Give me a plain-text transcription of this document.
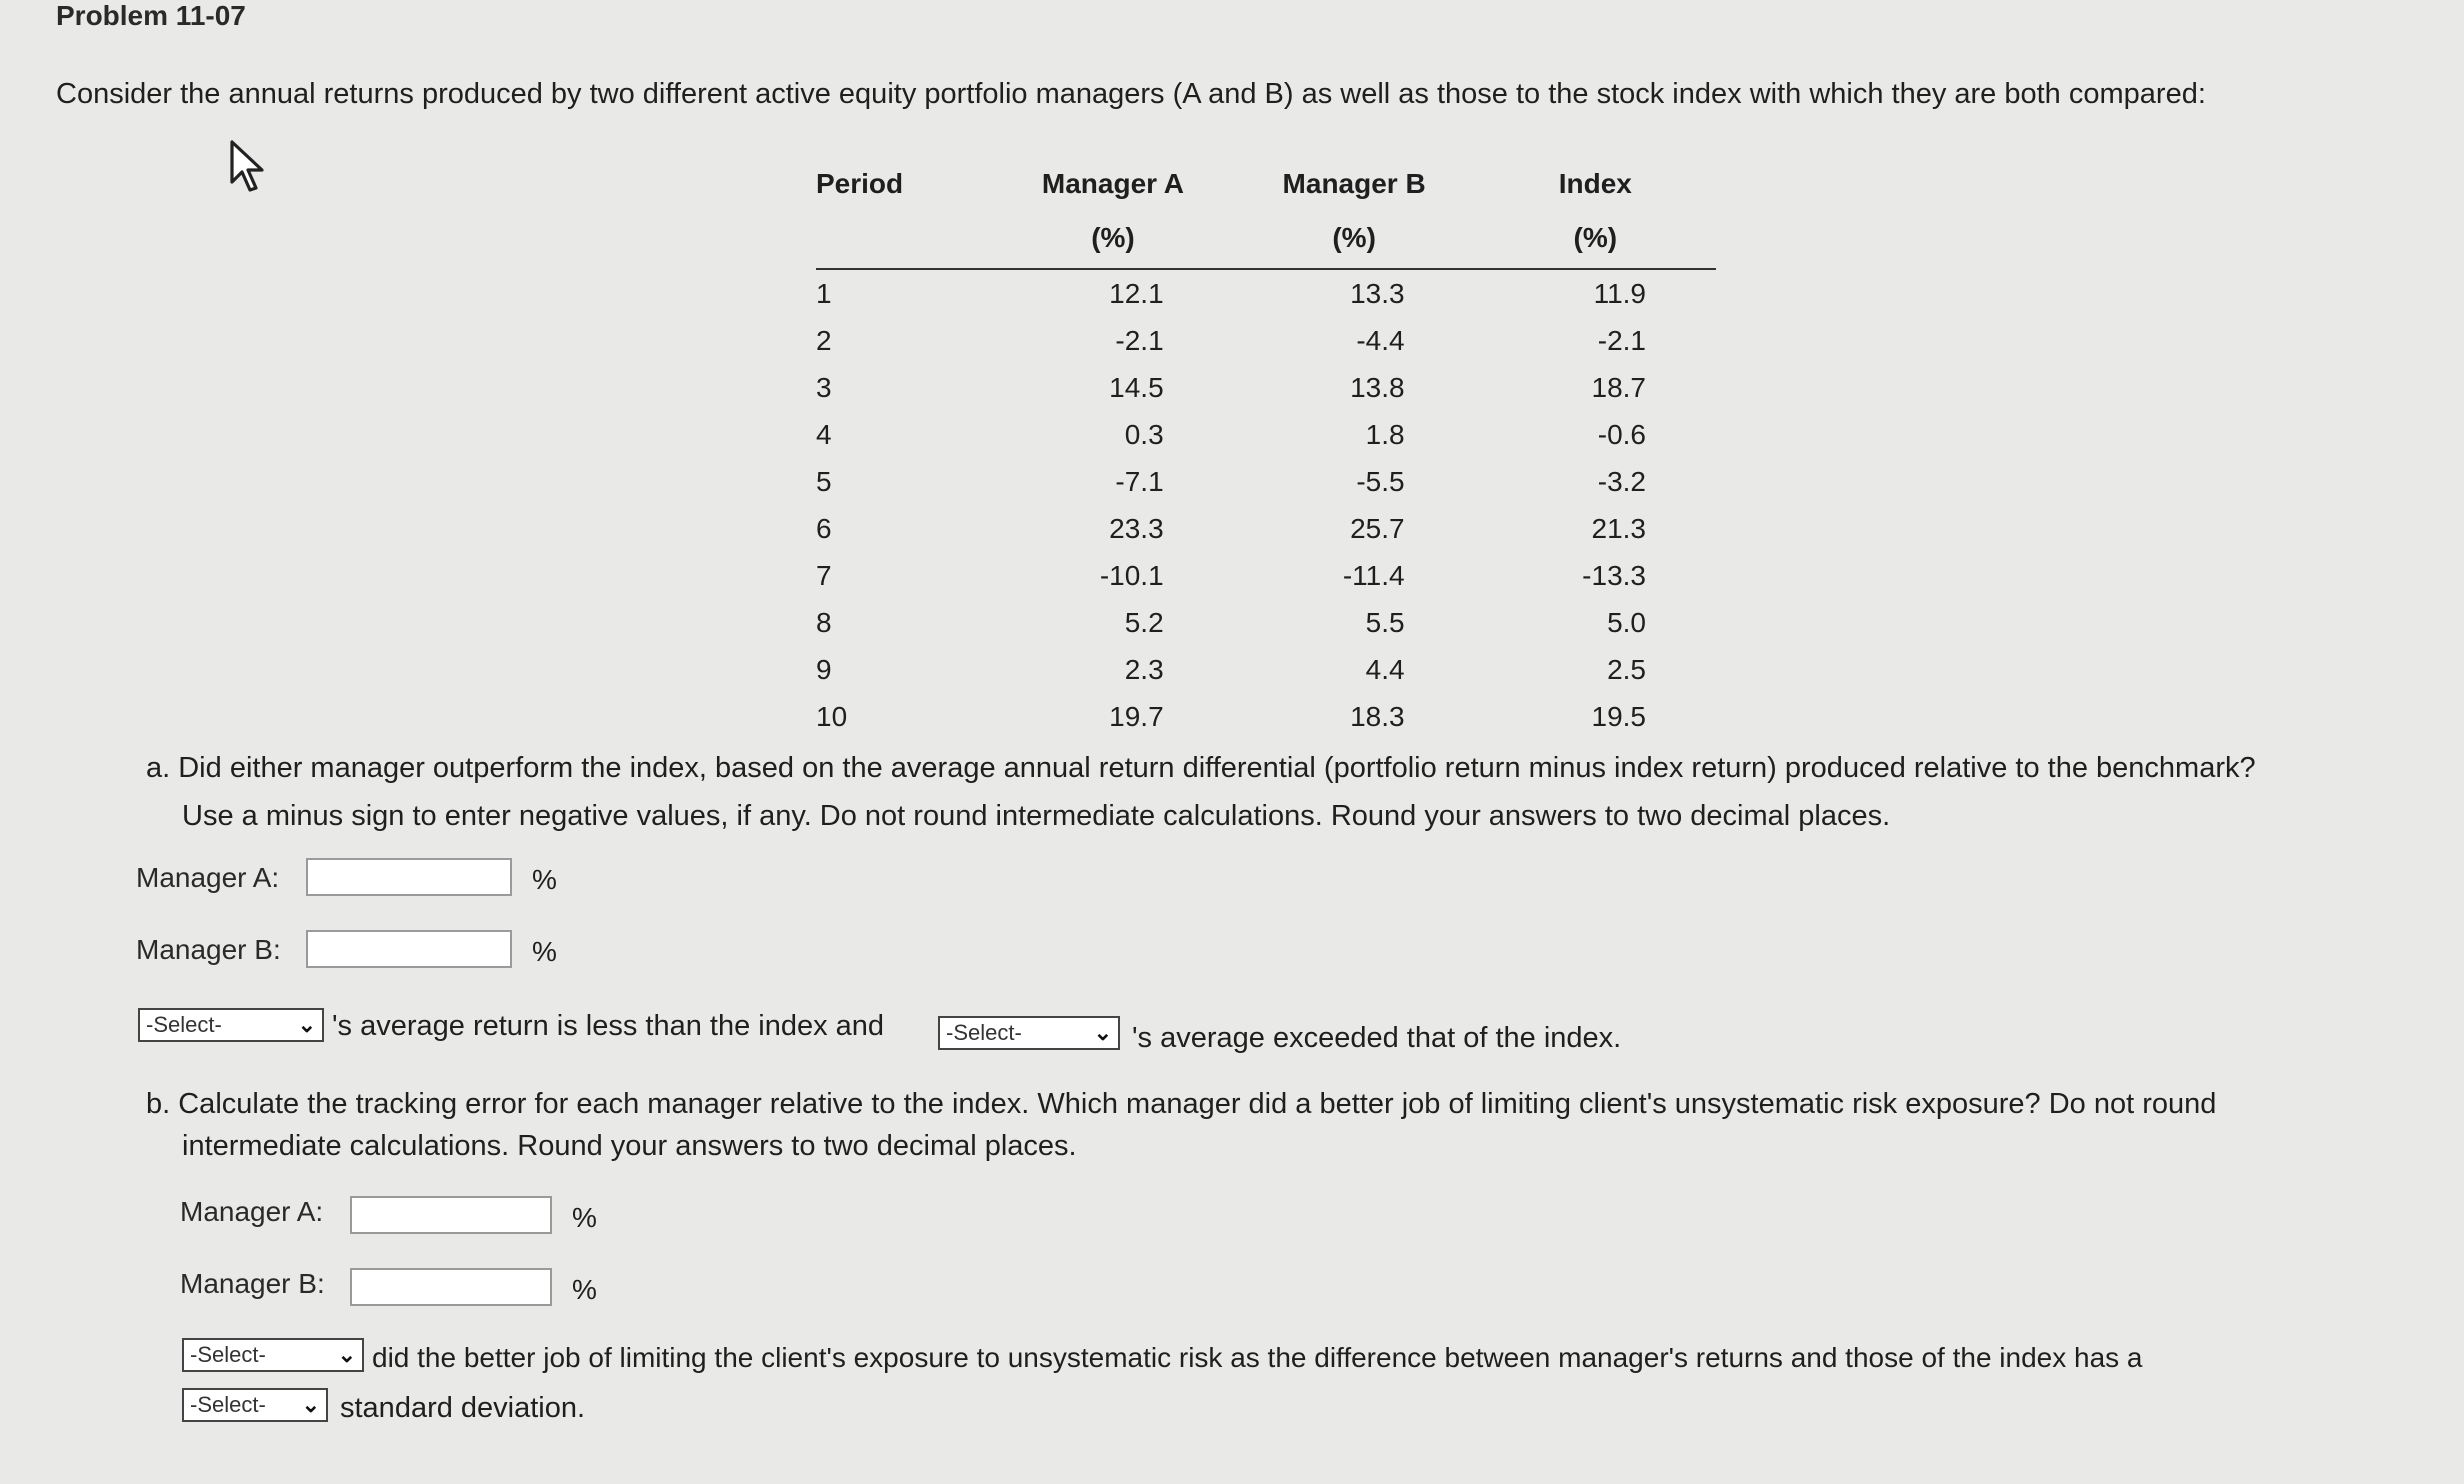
Problem 11-07
Consider the annual returns produced by two different active equity portfolio managers (A and B) as well as those to the stock index with which they are both compared:
Period	Manager A	Manager B	Index
	(%)	(%)	(%)
1	12.1	13.3	11.9
2	-2.1	-4.4	-2.1
3	14.5	13.8	18.7
4	0.3	1.8	-0.6
5	-7.1	-5.5	-3.2
6	23.3	25.7	21.3
7	-10.1	-11.4	-13.3
8	5.2	5.5	5.0
9	2.3	4.4	2.5
10	19.7	18.3	19.5
a. Did either manager outperform the index, based on the average annual return differential (portfolio return minus index return) produced relative to the benchmark?
Use a minus sign to enter negative values, if any. Do not round intermediate calculations. Round your answers to two decimal places.
Manager A:	%
Manager B:	%
-Select-	⌄ 's average return is less than the index and	-Select-	⌄ 's average exceeded that of the index.
b. Calculate the tracking error for each manager relative to the index. Which manager did a better job of limiting client's unsystematic risk exposure? Do not round
intermediate calculations. Round your answers to two decimal places.
Manager A:	%
Manager B:	%
-Select-	⌄ did the better job of limiting the client's exposure to unsystematic risk as the difference between manager's returns and those of the index has a
-Select- ⌄ standard deviation.
